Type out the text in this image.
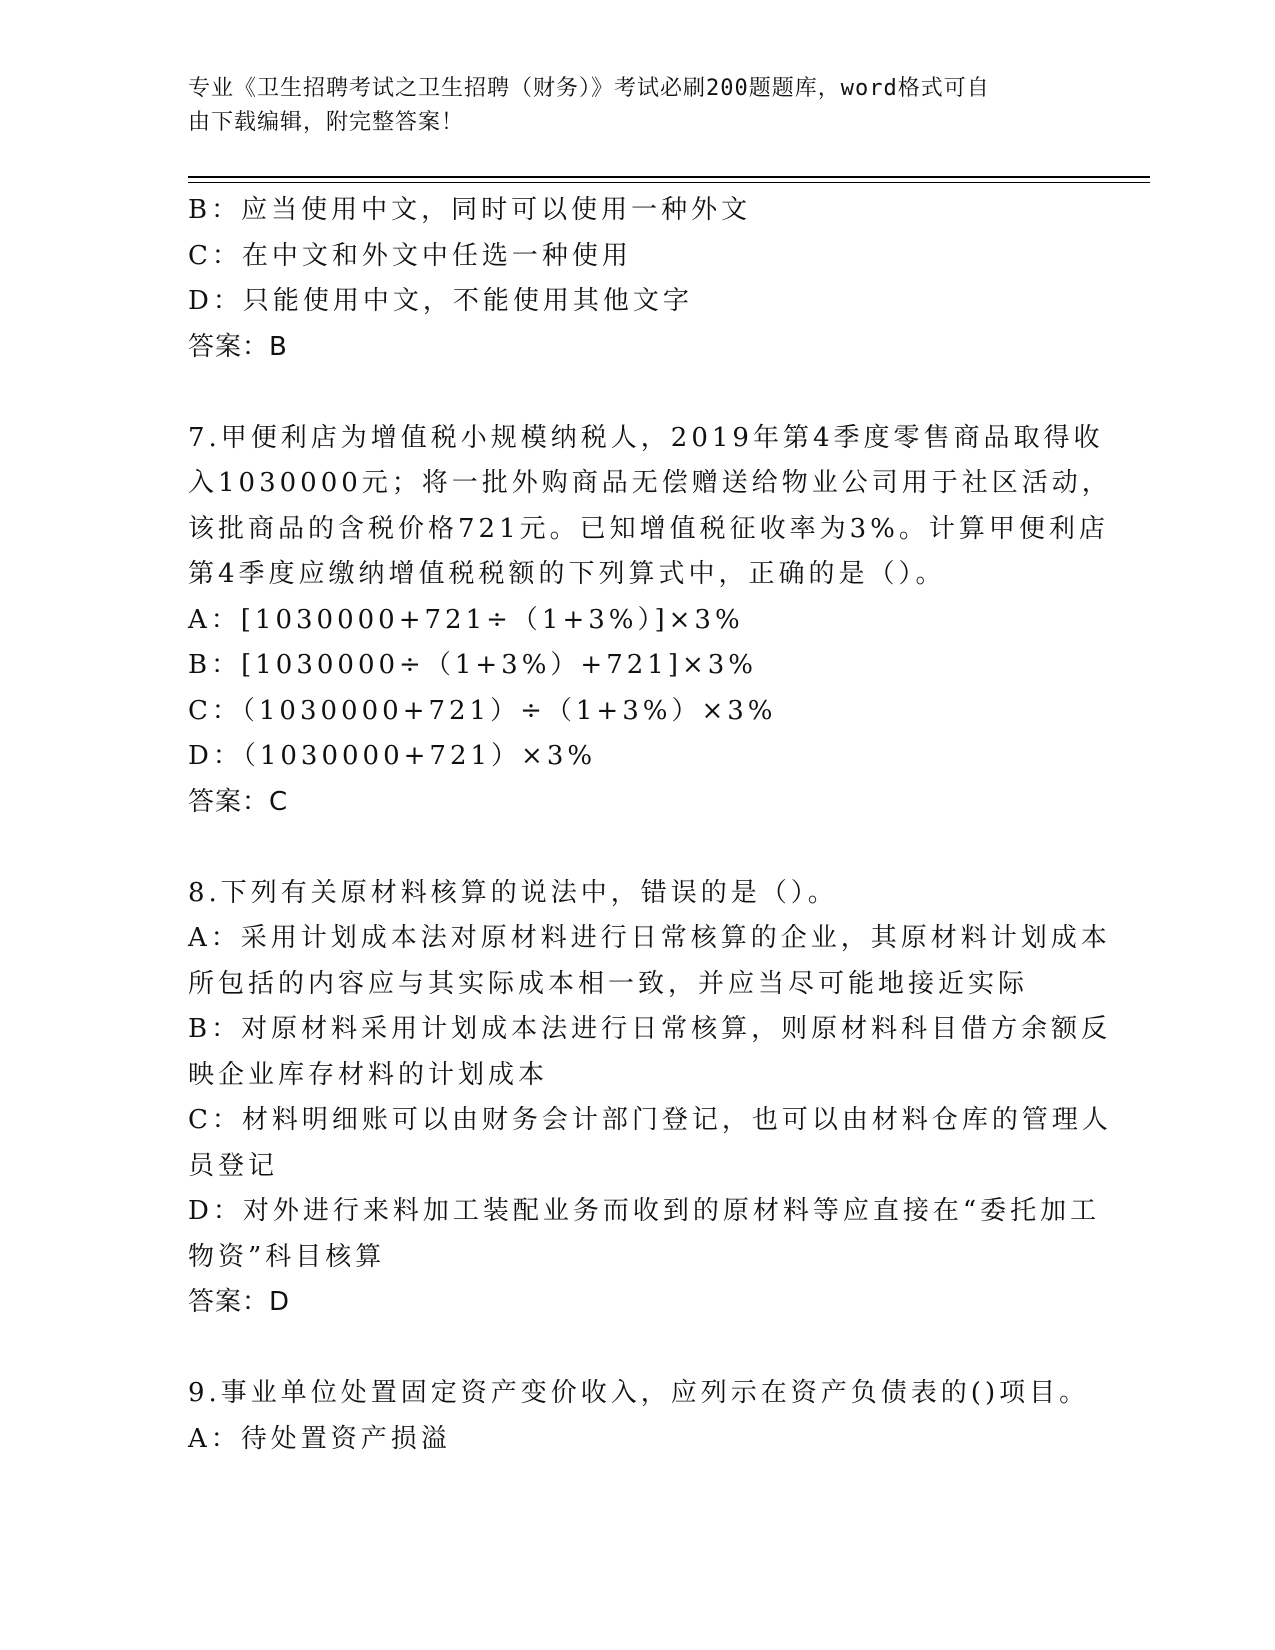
专业《卫生招聘考试之卫生招聘（财务）》考试必刷200题题库，word格式可自
由下载编辑，附完整答案！
B：应当使用中文，同时可以使用一种外文
C：在中文和外文中任选一种使用
D：只能使用中文，不能使用其他文字
答案：B
7.甲便利店为增值税小规模纳税人，2019年第4季度零售商品取得收
入1030000元；将一批外购商品无偿赠送给物业公司用于社区活动，
该批商品的含税价格721元。已知增值税征收率为3%。计算甲便利店
第4季度应缴纳增值税税额的下列算式中，正确的是（）。
A：[1030000+721÷（1+3%）]×3%
B：[1030000÷（1+3%）+721]×3%
C：（1030000+721）÷（1+3%）×3%
D：（1030000+721）×3%
答案：C
8.下列有关原材料核算的说法中，错误的是（）。
A：采用计划成本法对原材料进行日常核算的企业，其原材料计划成本
所包括的内容应与其实际成本相一致，并应当尽可能地接近实际
B：对原材料采用计划成本法进行日常核算，则原材料科目借方余额反
映企业库存材料的计划成本
C：材料明细账可以由财务会计部门登记，也可以由材料仓库的管理人
员登记
D：对外进行来料加工装配业务而收到的原材料等应直接在“委托加工
物资”科目核算
答案：D
9.事业单位处置固定资产变价收入，应列示在资产负债表的()项目。
A：待处置资产损溢
